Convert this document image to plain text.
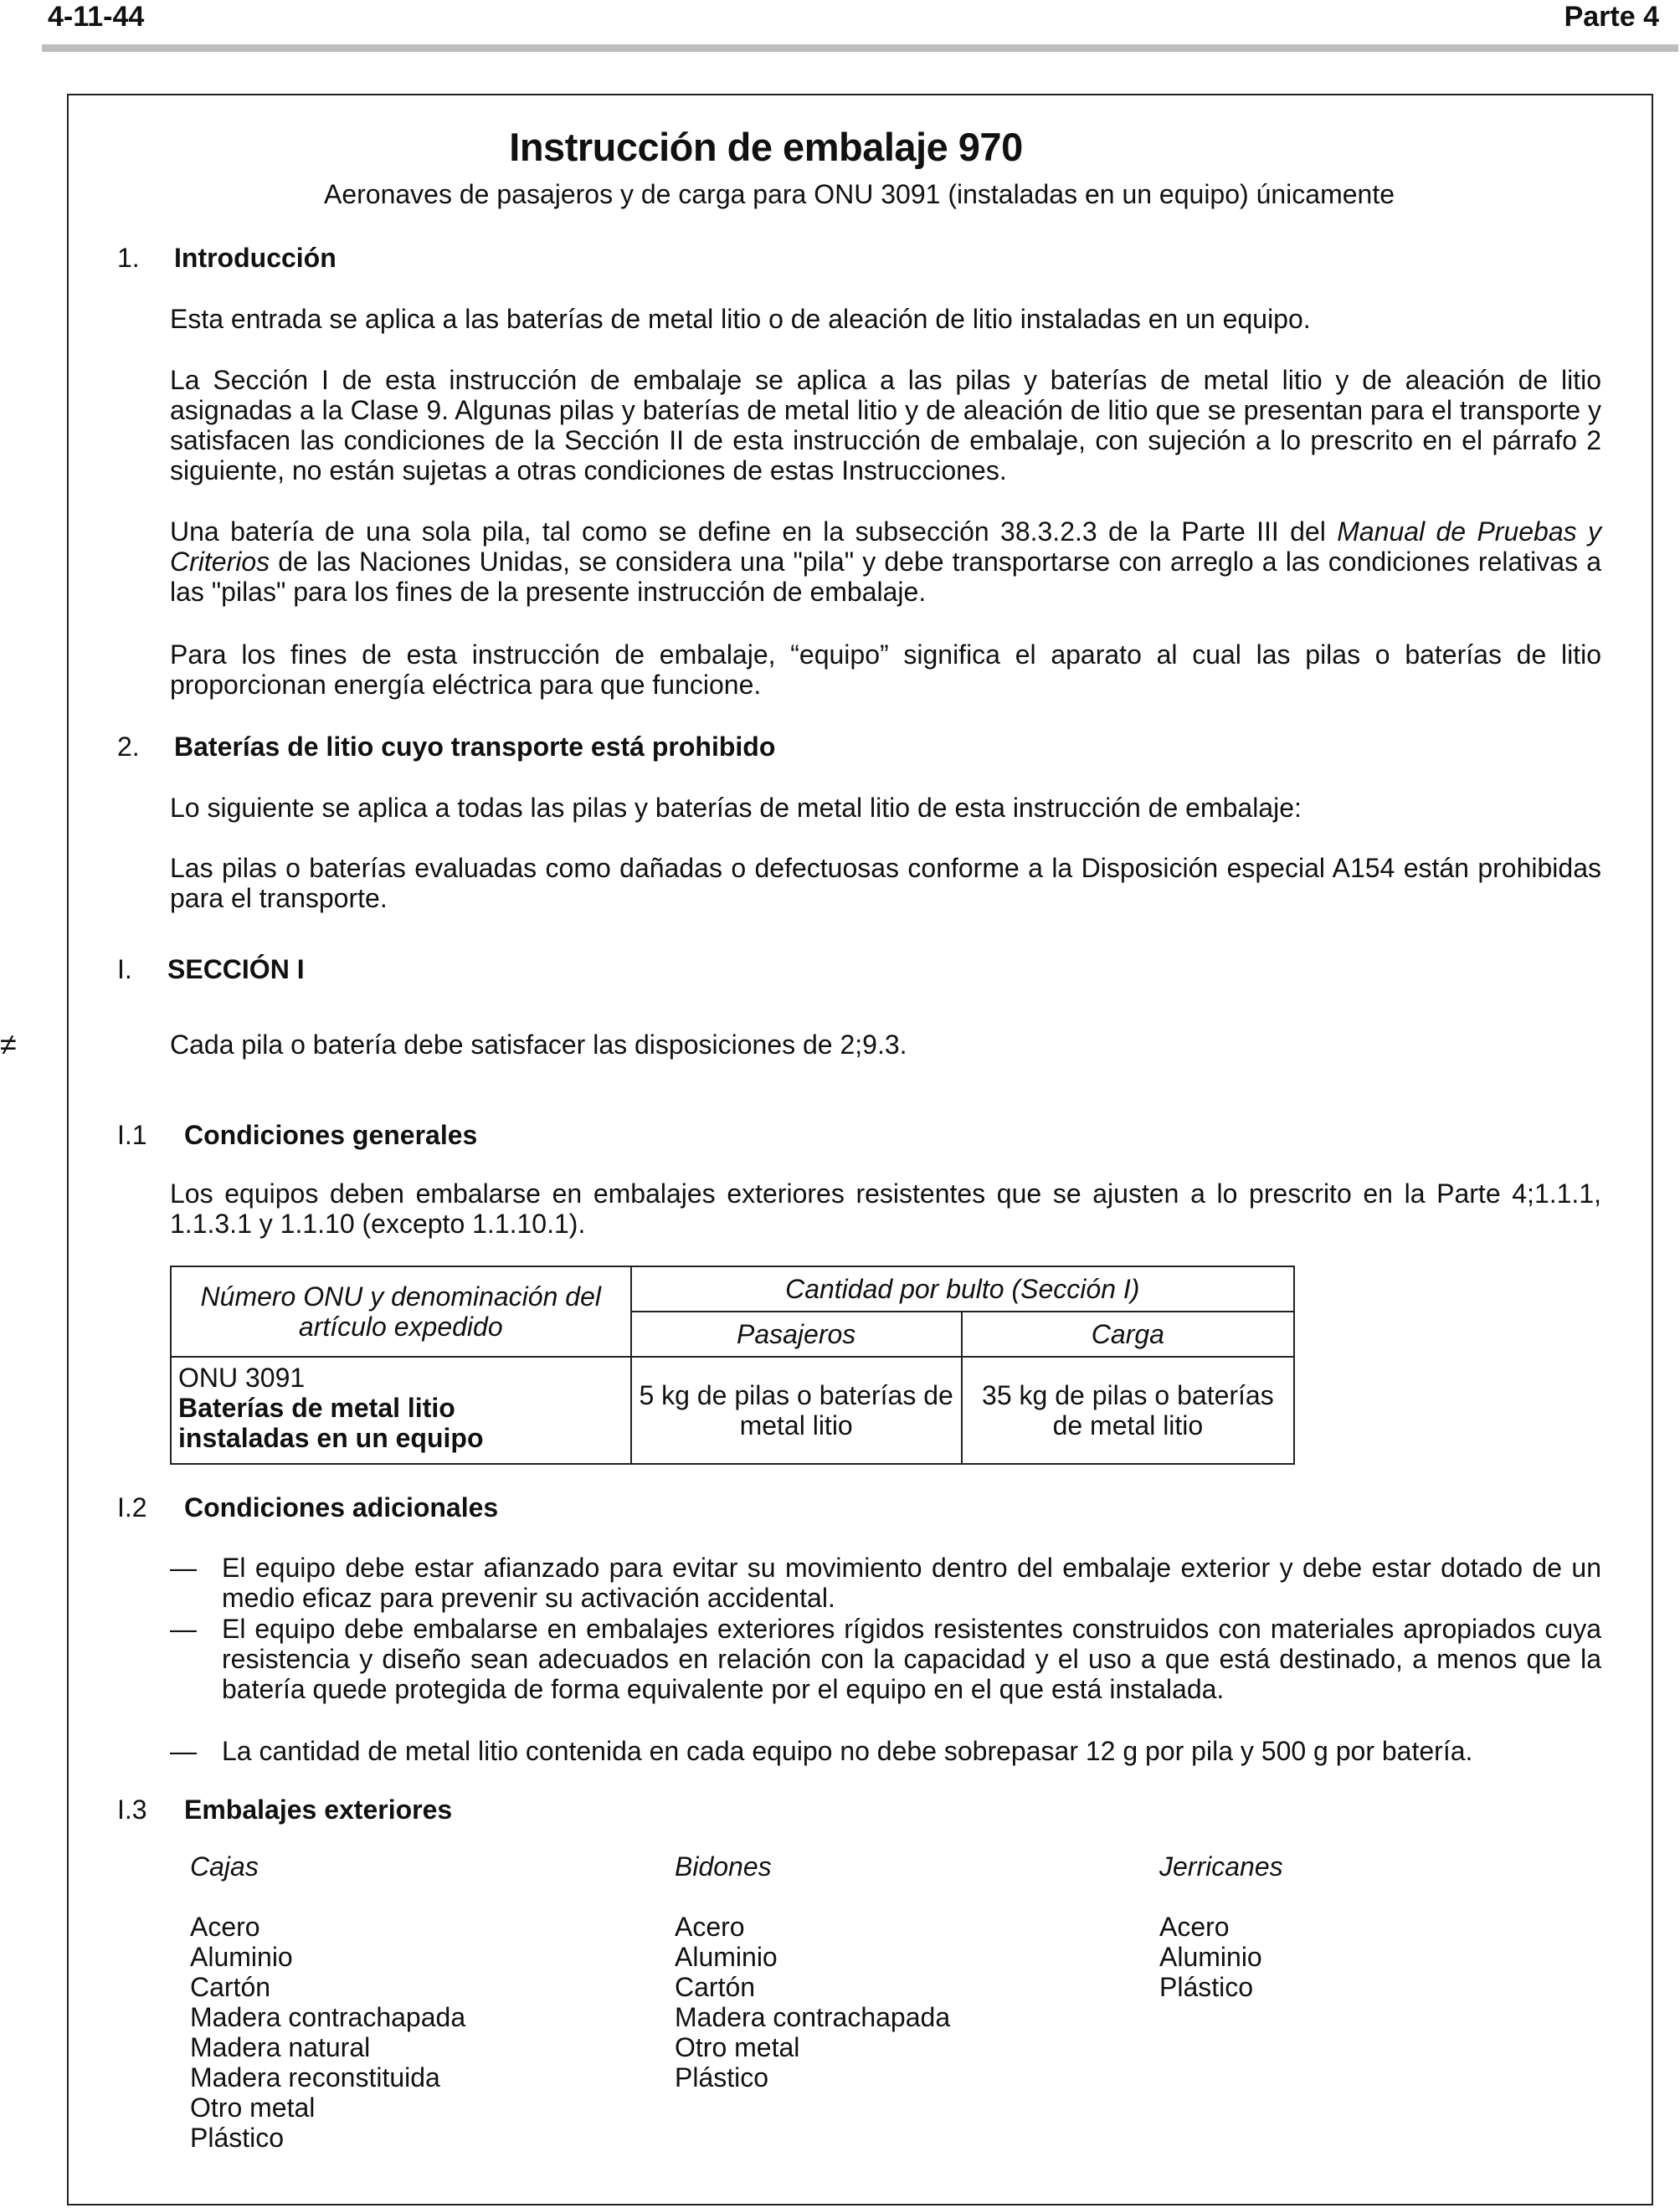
4-11-44	Parte 4
Instrucción de embalaje 970
Aeronaves de pasajeros y de carga para ONU 3091 (instaladas en un equipo) únicamente
1. Introducción
Esta entrada se aplica a las baterías de metal litio o de aleación de litio instaladas en un equipo.
La Sección I de esta instrucción de embalaje se aplica a las pilas y baterías de metal litio y de aleación de litio asignadas a la Clase 9. Algunas pilas y baterías de metal litio y de aleación de litio que se presentan para el transporte y satisfacen las condiciones de la Sección II de esta instrucción de embalaje, con sujeción a lo prescrito en el párrafo 2 siguiente, no están sujetas a otras condiciones de estas Instrucciones.
Una batería de una sola pila, tal como se define en la subsección 38.3.2.3 de la Parte III del Manual de Pruebas y Criterios de las Naciones Unidas, se considera una "pila" y debe transportarse con arreglo a las condiciones relativas a las "pilas" para los fines de la presente instrucción de embalaje.
Para los fines de esta instrucción de embalaje, “equipo” significa el aparato al cual las pilas o baterías de litio proporcionan energía eléctrica para que funcione.
2. Baterías de litio cuyo transporte está prohibido
Lo siguiente se aplica a todas las pilas y baterías de metal litio de esta instrucción de embalaje:
Las pilas o baterías evaluadas como dañadas o defectuosas conforme a la Disposición especial A154 están prohibidas para el transporte.
I. SECCIÓN I
≠	Cada pila o batería debe satisfacer las disposiciones de 2;9.3.
I.1 Condiciones generales
Los equipos deben embalarse en embalajes exteriores resistentes que se ajusten a lo prescrito en la Parte 4;1.1.1, 1.1.3.1 y 1.1.10 (excepto 1.1.10.1).
Número ONU y denominación del artículo expedido	Cantidad por bulto (Sección I)	
	Pasajeros	Carga
ONU 3091Baterías de metal litio instaladas en un equipo	5 kg de pilas o baterías de metal litio	35 kg de pilas o baterías de metal litio
I.2 Condiciones adicionales
— El equipo debe estar afianzado para evitar su movimiento dentro del embalaje exterior y debe estar dotado de un medio eficaz para prevenir su activación accidental.
— El equipo debe embalarse en embalajes exteriores rígidos resistentes construidos con materiales apropiados cuya resistencia y diseño sean adecuados en relación con la capacidad y el uso a que está destinado, a menos que la batería quede protegida de forma equivalente por el equipo en el que está instalada.
— La cantidad de metal litio contenida en cada equipo no debe sobrepasar 12 g por pila y 500 g por batería.
I.3 Embalajes exteriores
Cajas
Acero
Aluminio
Cartón
Madera contrachapada
Madera natural
Madera reconstituida
Otro metal
Plástico
Bidones
Acero
Aluminio
Cartón
Madera contrachapada
Otro metal
Plástico
Jerricanes
Acero
Aluminio
Plástico
